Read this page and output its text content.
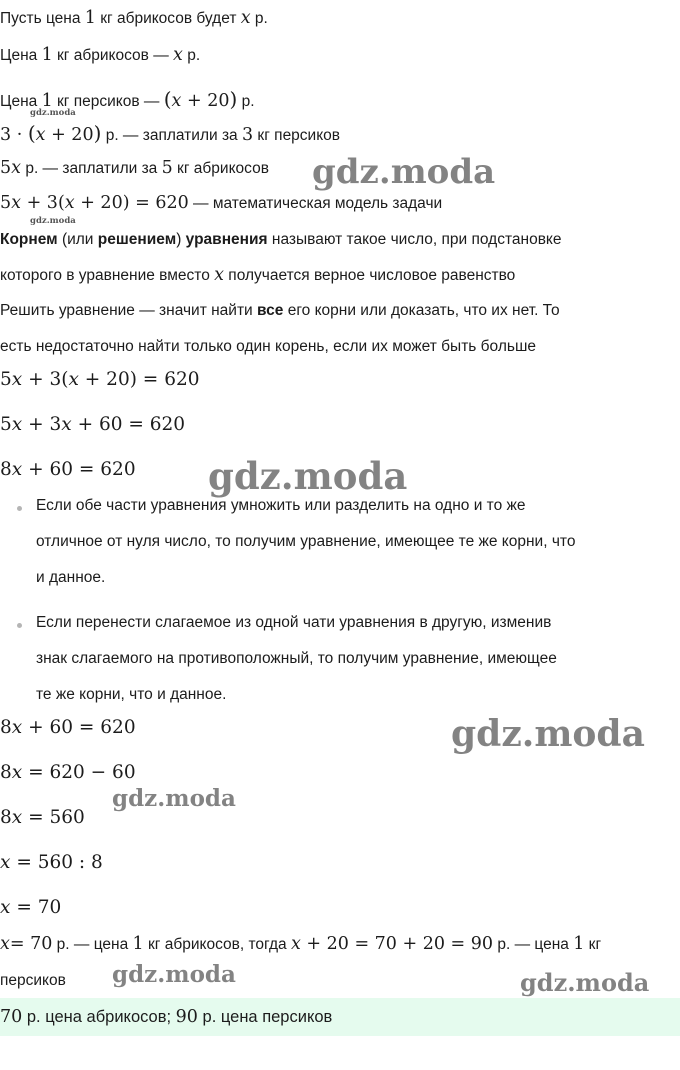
Пусть цена 1 кг абрикосов будет x р.
Цена 1 кг абрикосов — x р.
Цена 1 кг персиков — (x + 20) р.
3 · (x + 20) р. — заплатили за 3 кг персиков
5x р. — заплатили за 5 кг абрикосов
5x + 3(x + 20) = 620 — математическая модель задачи
Корнем (или решением) уравнения называют такое число, при подстановке
которого в уравнение вместо x получается верное числовое равенство
Решить уравнение — значит найти все его корни или доказать, что их нет. То
есть недостаточно найти только один корень, если их может быть больше
5x + 3(x + 20) = 620
5x + 3x + 60 = 620
8x + 60 = 620
Если обе части уравнения умножить или разделить на одно и то же
отличное от нуля число, то получим уравнение, имеющее те же корни, что
и данное.
Если перенести слагаемое из одной чати уравнения в другую, изменив
знак слагаемого на противоположный, то получим уравнение, имеющее
те же корни, что и данное.
8x + 60 = 620
8x = 620 − 60
8x = 560
x = 560 : 8
x = 70
x= 70 р. — цена 1 кг абрикосов, тогда x + 20 = 70 + 20 = 90 р. — цена 1 кг
персиков
70 р. цена абрикосов; 90 р. цена персиков
gdz.moda
gdz.moda
gdz.moda
gdz.moda
gdz.moda
gdz.moda
gdz.moda	gdz.moda
